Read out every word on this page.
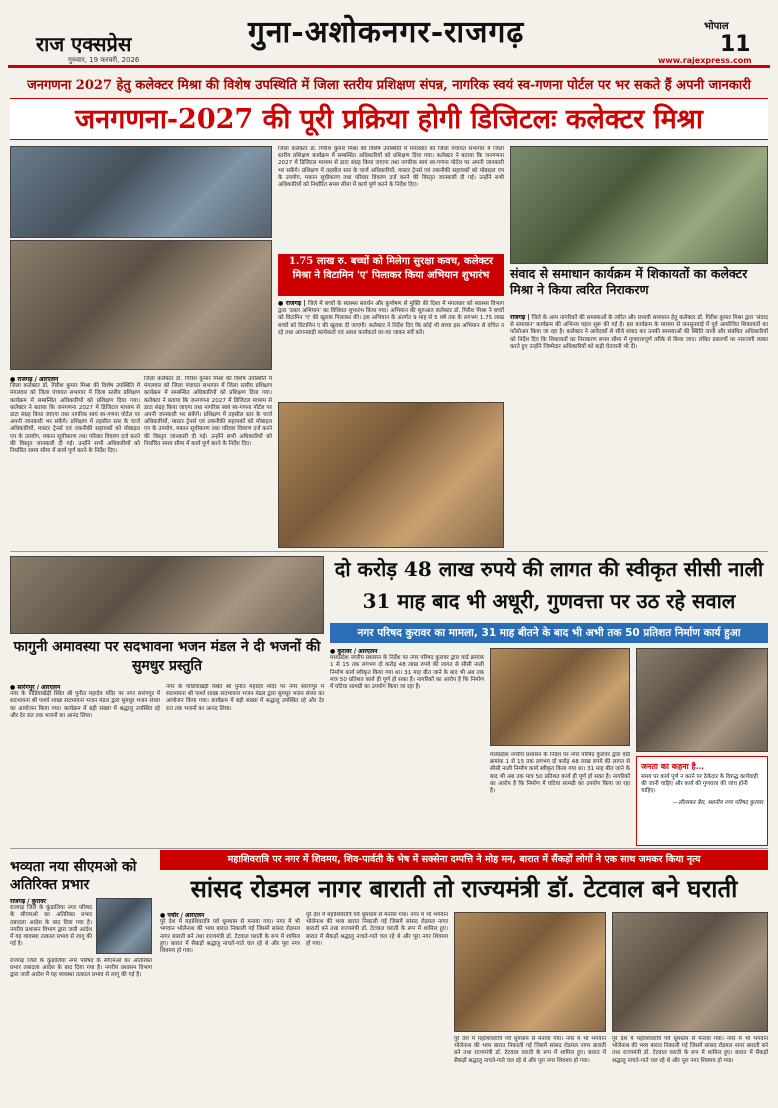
राज एक्सप्रेस
गुरुवार, 19 फरवरी, 2026
गुना-अशोकनगर-राजगढ़	भोपाल
11
www.rajexpress.com
जनगणना 2027 हेतु कलेक्टर मिश्रा की विशेष उपस्थिति में जिला स्तरीय प्रशिक्षण संपन्न, नागरिक स्वयं स्व-गणना पोर्टल पर भर सकते हैं अपनी जानकारी
जनगणना-2027 की पूरी प्रक्रिया होगी डिजिटलः कलेक्टर मिश्रा
● राजगढ़ / आरएलन
जिला कलेक्टर डॉ. गिरीश कुमार मिश्रा की विशेष उपस्थिति में मंगलवार को जिला पंचायत सभागार में जिला स्तरीय प्रशिक्षण कार्यक्रम में सम्बन्धित अधिकारियों को प्रशिक्षण दिया गया। कलेक्टर ने बताया कि जनगणना 2027 में डिजिटल माध्यम से डाटा संग्रह किया जाएगा तथा नागरिक स्वयं स्व-गणना पोर्टल पर अपनी जानकारी भर सकेंगे। प्रशिक्षण में तहसील स्तर के चार्ज अधिकारियों, मास्टर ट्रेनर्स एवं तकनीकी सहायकों को मोबाइल एप के उपयोग, मकान सूचीकरण तथा परिवार विवरण दर्ज करने की विस्तृत जानकारी दी गई। उन्होंने सभी अधिकारियों को निर्धारित समय सीमा में कार्य पूर्ण करने के निर्देश दिए।
जिला कलेक्टर डॉ. गिरीश कुमार मिश्रा की विशेष उपस्थिति में मंगलवार को जिला पंचायत सभागार में जिला स्तरीय प्रशिक्षण कार्यक्रम में सम्बन्धित अधिकारियों को प्रशिक्षण दिया गया। कलेक्टर ने बताया कि जनगणना 2027 में डिजिटल माध्यम से डाटा संग्रह किया जाएगा तथा नागरिक स्वयं स्व-गणना पोर्टल पर अपनी जानकारी भर सकेंगे। प्रशिक्षण में तहसील स्तर के चार्ज अधिकारियों, मास्टर ट्रेनर्स एवं तकनीकी सहायकों को मोबाइल एप के उपयोग, मकान सूचीकरण तथा परिवार विवरण दर्ज करने की विस्तृत जानकारी दी गई। उन्होंने सभी अधिकारियों को निर्धारित समय सीमा में कार्य पूर्ण करने के निर्देश दिए।
जिला कलेक्टर डॉ. गिरीश कुमार मिश्रा की विशेष उपस्थिति में मंगलवार को जिला पंचायत सभागार में जिला स्तरीय प्रशिक्षण कार्यक्रम में सम्बन्धित अधिकारियों को प्रशिक्षण दिया गया। कलेक्टर ने बताया कि जनगणना 2027 में डिजिटल माध्यम से डाटा संग्रह किया जाएगा तथा नागरिक स्वयं स्व-गणना पोर्टल पर अपनी जानकारी भर सकेंगे। प्रशिक्षण में तहसील स्तर के चार्ज अधिकारियों, मास्टर ट्रेनर्स एवं तकनीकी सहायकों को मोबाइल एप के उपयोग, मकान सूचीकरण तथा परिवार विवरण दर्ज करने की विस्तृत जानकारी दी गई। उन्होंने सभी अधिकारियों को निर्धारित समय सीमा में कार्य पूर्ण करने के निर्देश दिए।
1.75 लाख रु. बच्चों को मिलेगा सुरक्षा कवच, कलेक्टर मिश्रा ने विटामिन 'ए' पिलाकर किया अभियान शुभारंभ
● राजगढ़ | जिले में बच्चों के स्वास्थ्य संवर्धन और कुपोषण से मुक्ति की दिशा में मंगलवार को स्वास्थ्य विभाग द्वारा 'डबल अभियान' का विधिवत शुभारंभ किया गया। अभियान की शुरुआत कलेक्टर डॉ. गिरीश मिश्रा ने बच्चों को विटामिन 'ए' की खुराक पिलाकर की। इस अभियान के अंतर्गत 9 माह से 5 वर्ष तक के लगभग 1.75 लाख बच्चों को विटामिन ए की खुराक दी जाएगी। कलेक्टर ने निर्देश दिए कि कोई भी बच्चा इस अभियान से वंचित न रहे तथा आंगनवाड़ी कार्यकर्ता एवं आशा कार्यकर्ता घर-घर जाकर सर्वे करें।
संवाद से समाधान कार्यक्रम में शिकायतों का कलेक्टर मिश्रा ने किया त्वरित निराकरण
राजगढ़ | जिले के आम नागरिकों की समस्याओं के त्वरित और प्रभावी समाधान हेतु कलेक्टर डॉ. गिरीश कुमार मिश्रा द्वारा 'संवाद से समाधान' कार्यक्रम की अभिनव पहल शुरू की गई है। इस कार्यक्रम के माध्यम से जनसुनवाई में पूर्व आयोजित शिकायतों का फॉलोअप किया जा रहा है। कलेक्टर ने आवेदकों से सीधे संवाद कर उनकी समस्याओं की स्थिति जानी और संबंधित अधिकारियों को निर्देश दिए कि शिकायतों का निराकरण समय सीमा में गुणवत्तापूर्ण तरीके से किया जाए। लंबित प्रकरणों पर नाराजगी व्यक्त करते हुए उन्होंने जिम्मेदार अधिकारियों को कड़ी चेतावनी भी दी।
फागुनी अमावस्या पर सदभावना भजन मंडल ने दी भजनों की सुमधुर प्रस्तुति
● सारंगपुर / आरएलन
नगर के पांडियाखेड़ी स्थित श्री पुनीत महादेव मंदिर पर नगर सारंगपुर में सदभावना श्री पार्श्व शाखा सदभावना भजन मंडल द्वारा सुमधुर भजन संध्या का आयोजन किया गया। कार्यक्रम में बड़ी संख्या में श्रद्धालु उपस्थित रहे और देर रात तक भजनों का आनंद लिया।
नगर के पांडियाखेड़ी स्थित श्री पुनीत महादेव मंदिर पर नगर सारंगपुर में सदभावना श्री पार्श्व शाखा सदभावना भजन मंडल द्वारा सुमधुर भजन संध्या का आयोजन किया गया। कार्यक्रम में बड़ी संख्या में श्रद्धालु उपस्थित रहे और देर रात तक भजनों का आनंद लिया।
दो करोड़ 48 लाख रुपये की लागत की स्वीकृत सीसी नाली 31 माह बाद भी अधूरी, गुणवत्ता पर उठ रहे सवाल
नगर परिषद कुरावर का मामला, 31 माह बीतने के बाद भी अभी तक 50 प्रतिशत निर्माण कार्य हुआ
● कुरावर / आरएलन
मध्यप्रदेश नगरीय प्रशासन के निर्देश पर नगर परिषद कुरावर द्वारा वार्ड क्रमांक 1 से 15 तक लगभग दो करोड़ 48 लाख रुपये की लागत से सीसी नाली निर्माण कार्य स्वीकृत किया गया था। 31 माह बीत जाने के बाद भी अब तक मात्र 50 प्रतिशत कार्य ही पूर्ण हो सका है। नागरिकों का आरोप है कि निर्माण में घटिया सामग्री का उपयोग किया जा रहा है।
मध्यप्रदेश नगरीय प्रशासन के निर्देश पर नगर परिषद कुरावर द्वारा वार्ड क्रमांक 1 से 15 तक लगभग दो करोड़ 48 लाख रुपये की लागत से सीसी नाली निर्माण कार्य स्वीकृत किया गया था। 31 माह बीत जाने के बाद भी अब तक मात्र 50 प्रतिशत कार्य ही पूर्ण हो सका है। नागरिकों का आरोप है कि निर्माण में घटिया सामग्री का उपयोग किया जा रहा है।
जनता का कहना है...
समय पर कार्य पूर्ण न करने पर ठेकेदार के विरुद्ध कार्यवाही की जानी चाहिए और कार्य की गुणवत्ता की जांच होनी चाहिए।
—लीलाकर बैरा, स्थानीय नगर परिषद कुरावर
भव्यता नया सीएमओ को अतिरिक्त प्रभार
राजगढ़ / कुरावर
राजगढ़ जिले के कुंडालिया नगर परिषद के सीएमओ का अतिरिक्त प्रभार तबादला आदेश के बाद दिया गया है। नगरीय प्रशासन विभाग द्वारा जारी आदेश में यह व्यवस्था तत्काल प्रभाव से लागू की गई है।
राजगढ़ जिले के कुंडालिया नगर परिषद के सीएमओ का अतिरिक्त प्रभार तबादला आदेश के बाद दिया गया है। नगरीय प्रशासन विभाग द्वारा जारी आदेश में यह व्यवस्था तत्काल प्रभाव से लागू की गई है।
महाशिवरात्रि पर नगर में शिवमय, शिव-पार्वती के भेष में सक्सेना दम्पत्ति ने मोह मन, बारात में सैंकड़ों लोगों ने एक साथ जमकर किया नृत्य
सांसद रोडमल नागर बाराती तो राज्यमंत्री डॉ. टेटवाल बने घराती
● पचोर / आरएलन
पुरे देश में महाशिवरात्रि पर्व धूमधाम से मनाया गया। नगर में भी भगवान भोलेनाथ की भव्य बारात निकाली गई जिसमें सांसद रोडमल नागर बाराती बने तथा राज्यमंत्री डॉ. टेटवाल घराती के रूप में शामिल हुए। बारात में सैकड़ों श्रद्धालु नाचते-गाते चल रहे थे और पूरा नगर शिवमय हो गया।
पुरे देश में महाशिवरात्रि पर्व धूमधाम से मनाया गया। नगर में भी भगवान भोलेनाथ की भव्य बारात निकाली गई जिसमें सांसद रोडमल नागर बाराती बने तथा राज्यमंत्री डॉ. टेटवाल घराती के रूप में शामिल हुए। बारात में सैकड़ों श्रद्धालु नाचते-गाते चल रहे थे और पूरा नगर शिवमय हो गया।
पुरे देश में महाशिवरात्रि पर्व धूमधाम से मनाया गया। नगर में भी भगवान भोलेनाथ की भव्य बारात निकाली गई जिसमें सांसद रोडमल नागर बाराती बने तथा राज्यमंत्री डॉ. टेटवाल घराती के रूप में शामिल हुए। बारात में सैकड़ों श्रद्धालु नाचते-गाते चल रहे थे और पूरा नगर शिवमय हो गया।
पुरे देश में महाशिवरात्रि पर्व धूमधाम से मनाया गया। नगर में भी भगवान भोलेनाथ की भव्य बारात निकाली गई जिसमें सांसद रोडमल नागर बाराती बने तथा राज्यमंत्री डॉ. टेटवाल घराती के रूप में शामिल हुए। बारात में सैकड़ों श्रद्धालु नाचते-गाते चल रहे थे और पूरा नगर शिवमय हो गया।
